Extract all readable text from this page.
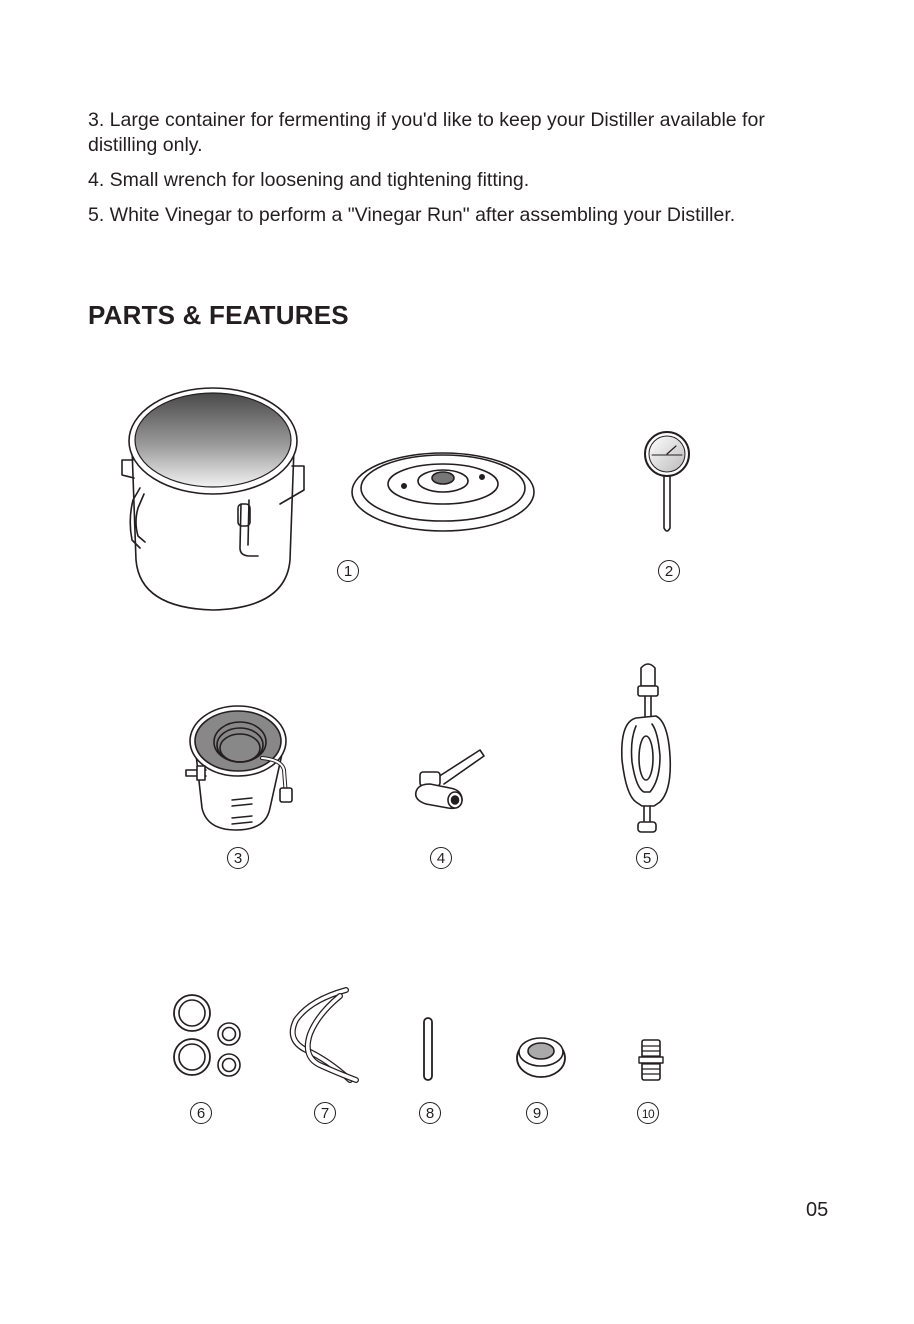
3. Large container for fermenting if you'd like to keep your Distiller available for distilling only.

4. Small wrench for loosening and tightening fitting.

5. White Vinegar to perform a "Vinegar Run" after assembling your Distiller.

PARTS & FEATURES
1	2
3	4	5
6	7	8	9	10
05
